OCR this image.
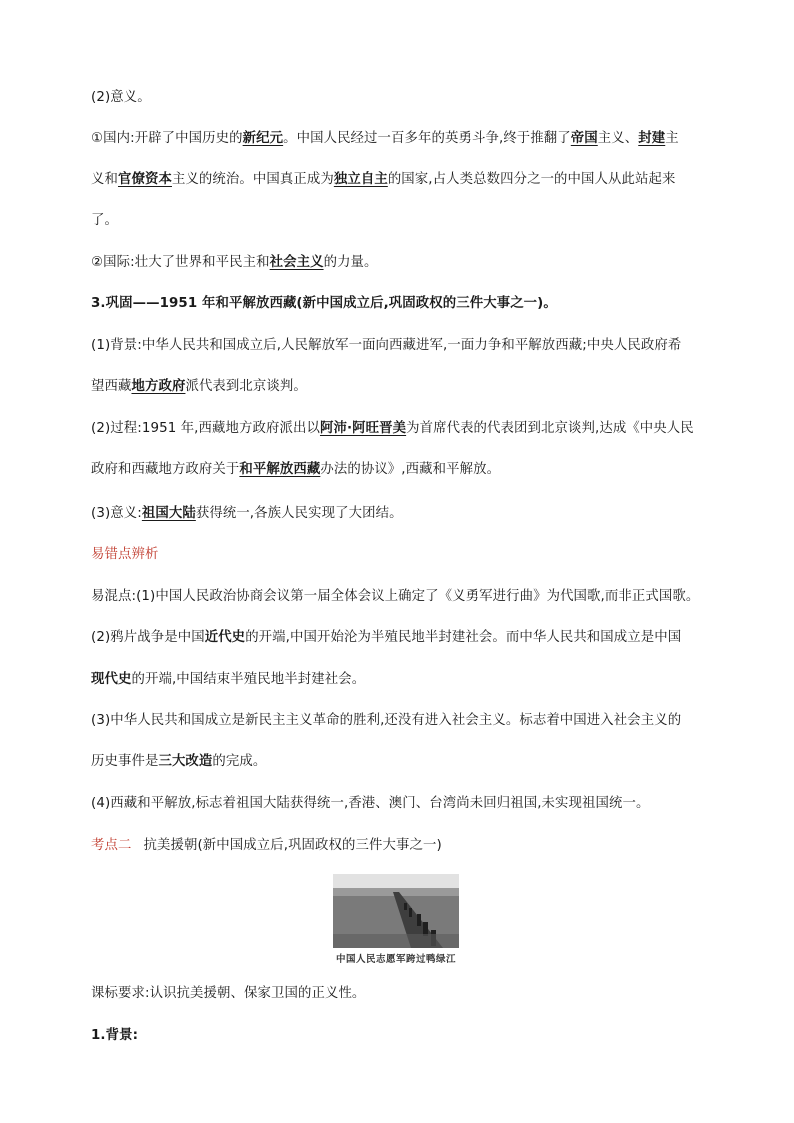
(2)意义。
①国内:开辟了中国历史的新纪元。中国人民经过一百多年的英勇斗争,终于推翻了帝国主义、封建主
义和官僚资本主义的统治。中国真正成为独立自主的国家,占人类总数四分之一的中国人从此站起来
了。
②国际:壮大了世界和平民主和社会主义的力量。
3.巩固——1951 年和平解放西藏(新中国成立后,巩固政权的三件大事之一)。
(1)背景:中华人民共和国成立后,人民解放军一面向西藏进军,一面力争和平解放西藏;中央人民政府希
望西藏地方政府派代表到北京谈判。
(2)过程:1951 年,西藏地方政府派出以阿沛·阿旺晋美为首席代表的代表团到北京谈判,达成《中央人民
政府和西藏地方政府关于和平解放西藏办法的协议》,西藏和平解放。
(3)意义:祖国大陆获得统一,各族人民实现了大团结。
易错点辨析
易混点:(1)中国人民政治协商会议第一届全体会议上确定了《义勇军进行曲》为代国歌,而非正式国歌。
(2)鸦片战争是中国近代史的开端,中国开始沦为半殖民地半封建社会。而中华人民共和国成立是中国
现代史的开端,中国结束半殖民地半封建社会。
(3)中华人民共和国成立是新民主主义革命的胜利,还没有进入社会主义。标志着中国进入社会主义的
历史事件是三大改造的完成。
(4)西藏和平解放,标志着祖国大陆获得统一,香港、澳门、台湾尚未回归祖国,未实现祖国统一。
考点二 抗美援朝(新中国成立后,巩固政权的三件大事之一)
中国人民志愿军跨过鸭绿江
课标要求:认识抗美援朝、保家卫国的正义性。
1.背景:
